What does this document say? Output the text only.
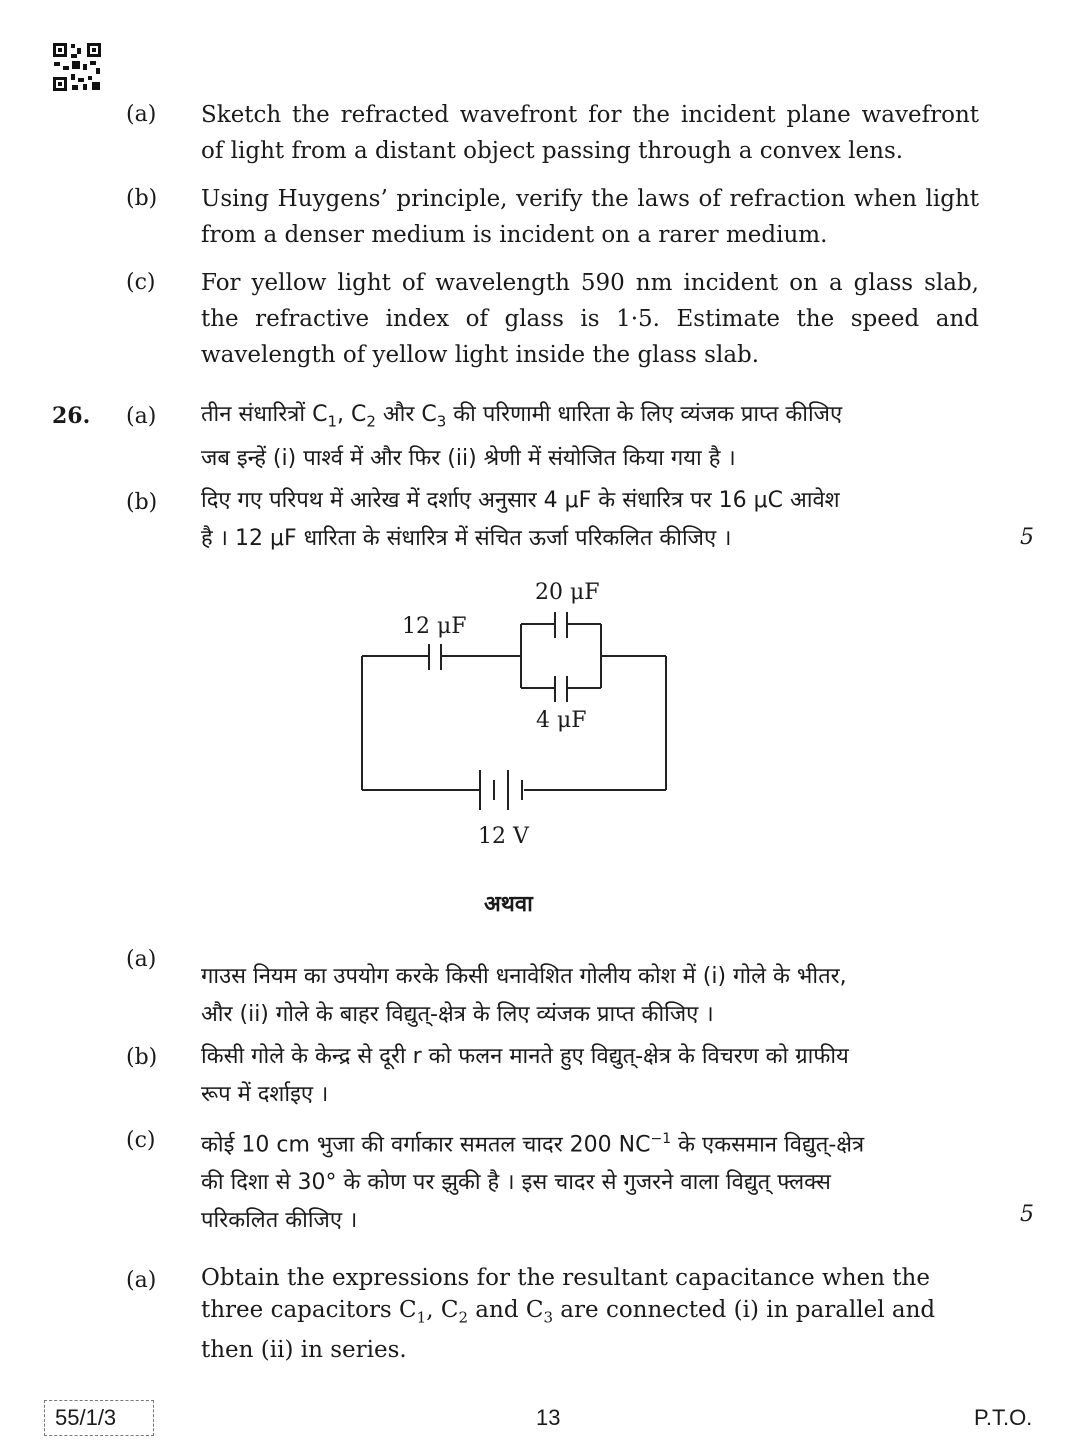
(a) Sketch the refracted wavefront for the incident plane wavefront of light from a distant object passing through a convex lens.
(b) Using Huygens’ principle, verify the laws of refraction when light from a denser medium is incident on a rarer medium.
(c) For yellow light of wavelength 590 nm incident on a glass slab, the refractive index of glass is 1·5. Estimate the speed and wavelength of yellow light inside the glass slab.
26. (a) तीन संधारित्रों $C_1$, $C_2$ और $C_3$ की परिणामी धारिता के लिए व्यंजक प्राप्त कीजिए
जब इन्हें (i) पार्श्व में और फिर (ii) श्रेणी में संयोजित किया गया है ।
(b) दिए गए परिपथ में आरेख में दर्शाए अनुसार 4 μF के संधारित्र पर 16 μC आवेश
है । 12 μF धारिता के संधारित्र में संचित ऊर्जा परिकलित कीजिए ।	5
12 μF
20 μF
4 μF
12 V
अथवा
(a)
गाउस नियम का उपयोग करके किसी धनावेशित गोलीय कोश में (i) गोले के भीतर,
और (ii) गोले के बाहर विद्युत्-क्षेत्र के लिए व्यंजक प्राप्त कीजिए ।
(b) किसी गोले के केन्द्र से दूरी r को फलन मानते हुए विद्युत्-क्षेत्र के विचरण को ग्राफीय
रूप में दर्शाइए ।
(c) कोई 10 cm भुजा की वर्गाकार समतल चादर 200 $NC^{-1}$ के एकसमान विद्युत्-क्षेत्र
की दिशा से 30° के कोण पर झुकी है । इस चादर से गुजरने वाला विद्युत् फ्लक्स
परिकलित कीजिए ।	5
(a) Obtain the expressions for the resultant capacitance when the
three capacitors $C_1$, $C_2$ and $C_3$ are connected (i) in parallel and
then (ii) in series.
55/1/3	13	P.T.O.
